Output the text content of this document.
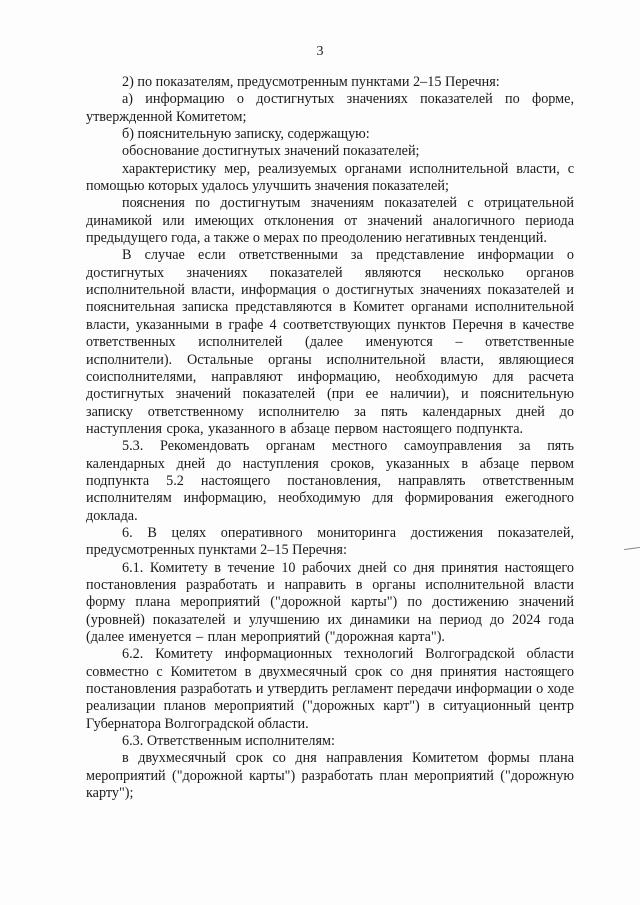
3

2) по показателям, предусмотренным пунктами 2–15 Перечня:

а) информацию о достигнутых значениях показателей по форме, утвержденной Комитетом;

б) пояснительную записку, содержащую:

обоснование достигнутых значений показателей;

характеристику мер, реализуемых органами исполнительной власти, с помощью которых удалось улучшить значения показателей;

пояснения по достигнутым значениям показателей с отрицательной динамикой или имеющих отклонения от значений аналогичного периода предыдущего года, а также о мерах по преодолению негативных тенденций.

В случае если ответственными за представление информации о достигнутых значениях показателей являются несколько органов исполнительной власти, информация о достигнутых значениях показателей и пояснительная записка представляются в Комитет органами исполнительной власти, указанными в графе 4 соответствующих пунктов Перечня в качестве ответственных исполнителей (далее именуются – ответственные исполнители). Остальные органы исполнительной власти, являющиеся соисполнителями, направляют информацию, необходимую для расчета достигнутых значений показателей (при ее наличии), и пояснительную записку ответственному исполнителю за пять календарных дней до наступления срока, указанного в абзаце первом настоящего подпункта.

5.3. Рекомендовать органам местного самоуправления за пять календарных дней до наступления сроков, указанных в абзаце первом подпункта 5.2 настоящего постановления, направлять ответственным исполнителям информацию, необходимую для формирования ежегодного доклада.

6. В целях оперативного мониторинга достижения показателей, предусмотренных пунктами 2–15 Перечня:

6.1. Комитету в течение 10 рабочих дней со дня принятия настоящего постановления разработать и направить в органы исполнительной власти форму плана мероприятий ("дорожной карты") по достижению значений (уровней) показателей и улучшению их динамики на период до 2024 года (далее именуется – план мероприятий ("дорожная карта").

6.2. Комитету информационных технологий Волгоградской области совместно с Комитетом в двухмесячный срок со дня принятия настоящего постановления разработать и утвердить регламент передачи информации о ходе реализации планов мероприятий ("дорожных карт") в ситуационный центр Губернатора Волгоградской области.

6.3. Ответственным исполнителям:

в двухмесячный срок со дня направления Комитетом формы плана мероприятий ("дорожной карты") разработать план мероприятий ("дорожную карту");
